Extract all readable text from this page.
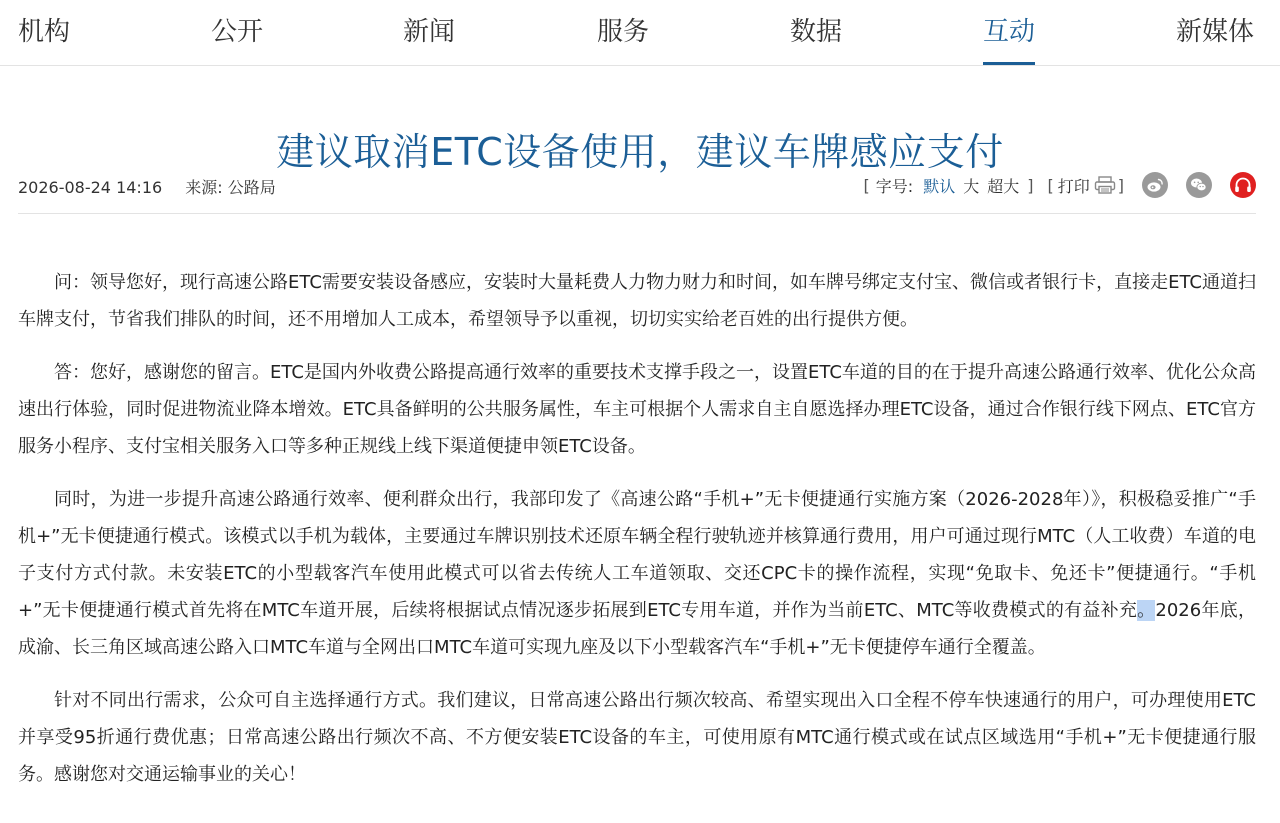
机构	公开	新闻	服务	数据	互动	新媒体
建议取消ETC设备使用，建议车牌感应支付
2026-08-24 14:16 来源: 公路局	[ 字号: 默认 大 超大 ] [ 打印 ]

问：领导您好，现行高速公路ETC需要安装设备感应，安装时大量耗费人力物力财力和时间，如车牌号绑定支付宝、微信或者银行卡，直接走ETC通道扫车牌支付，节省我们排队的时间，还不用增加人工成本，希望领导予以重视，切切实实给老百姓的出行提供方便。

答：您好，感谢您的留言。ETC是国内外收费公路提高通行效率的重要技术支撑手段之一，设置ETC车道的目的在于提升高速公路通行效率、优化公众高速出行体验，同时促进物流业降本增效。ETC具备鲜明的公共服务属性，车主可根据个人需求自主自愿选择办理ETC设备，通过合作银行线下网点、ETC官方服务小程序、支付宝相关服务入口等多种正规线上线下渠道便捷申领ETC设备。

同时，为进一步提升高速公路通行效率、便利群众出行，我部印发了《高速公路“手机+”无卡便捷通行实施方案（2026-2028年）》，积极稳妥推广“手机+”无卡便捷通行模式。该模式以手机为载体，主要通过车牌识别技术还原车辆全程行驶轨迹并核算通行费用，用户可通过现行MTC（人工收费）车道的电子支付方式付款。未安装ETC的小型载客汽车使用此模式可以省去传统人工车道领取、交还CPC卡的操作流程，实现“免取卡、免还卡”便捷通行。“手机+”无卡便捷通行模式首先将在MTC车道开展，后续将根据试点情况逐步拓展到ETC专用车道，并作为当前ETC、MTC等收费模式的有益补充。2026年底，成渝、长三角区域高速公路入口MTC车道与全网出口MTC车道可实现九座及以下小型载客汽车“手机+”无卡便捷停车通行全覆盖。

针对不同出行需求，公众可自主选择通行方式。我们建议，日常高速公路出行频次较高、希望实现出入口全程不停车快速通行的用户，可办理使用ETC并享受95折通行费优惠；日常高速公路出行频次不高、不方便安装ETC设备的车主，可使用原有MTC通行模式或在试点区域选用“手机+”无卡便捷通行服务。感谢您对交通运输事业的关心！
